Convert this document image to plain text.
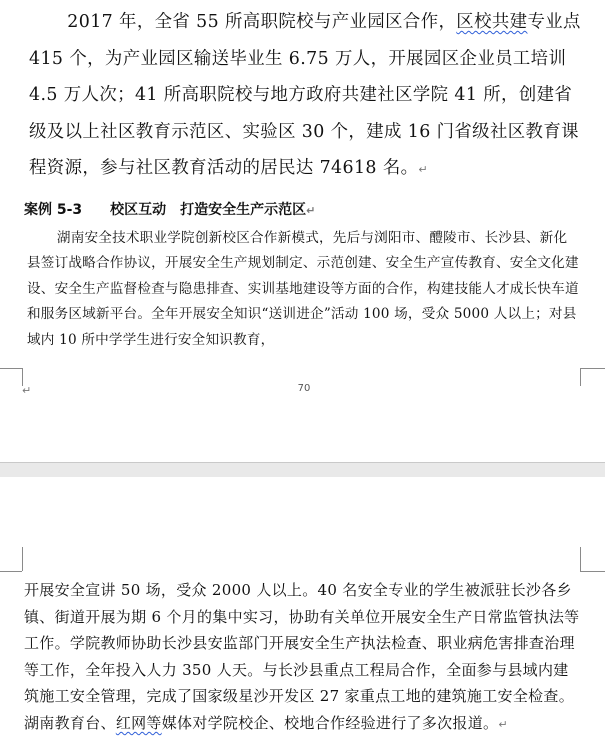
2017 年，全省 55 所高职院校与产业园区合作，区校共建专业点 415 个，为产业园区输送毕业生 6.75 万人，开展园区企业员工培训 4.5 万人次；41 所高职院校与地方政府共建社区学院 41 所，创建省级及以上社区教育示范区、实验区 30 个，建成 16 门省级社区教育课程资源，参与社区教育活动的居民达 74618 名。↵

案例 5-3　　校区互动　打造安全生产示范区↵

湖南安全技术职业学院创新校区合作新模式，先后与浏阳市、醴陵市、长沙县、新化县签订战略合作协议，开展安全生产规划制定、示范创建、安全生产宣传教育、安全文化建设、安全生产监督检查与隐患排查、实训基地建设等方面的合作，构建技能人才成长快车道和服务区域新平台。全年开展安全知识“送训进企”活动 100 场，受众 5000 人以上；对县域内 10 所中学学生进行安全知识教育，

↵	70

开展安全宣讲 50 场，受众 2000 人以上。40 名安全专业的学生被派驻长沙各乡镇、街道开展为期 6 个月的集中实习，协助有关单位开展安全生产日常监管执法等工作。学院教师协助长沙县安监部门开展安全生产执法检查、职业病危害排查治理等工作，全年投入人力 350 人天。与长沙县重点工程局合作，全面参与县域内建筑施工安全管理，完成了国家级星沙开发区 27 家重点工地的建筑施工安全检查。湖南教育台、红网等媒体对学院校企、校地合作经验进行了多次报道。↵
